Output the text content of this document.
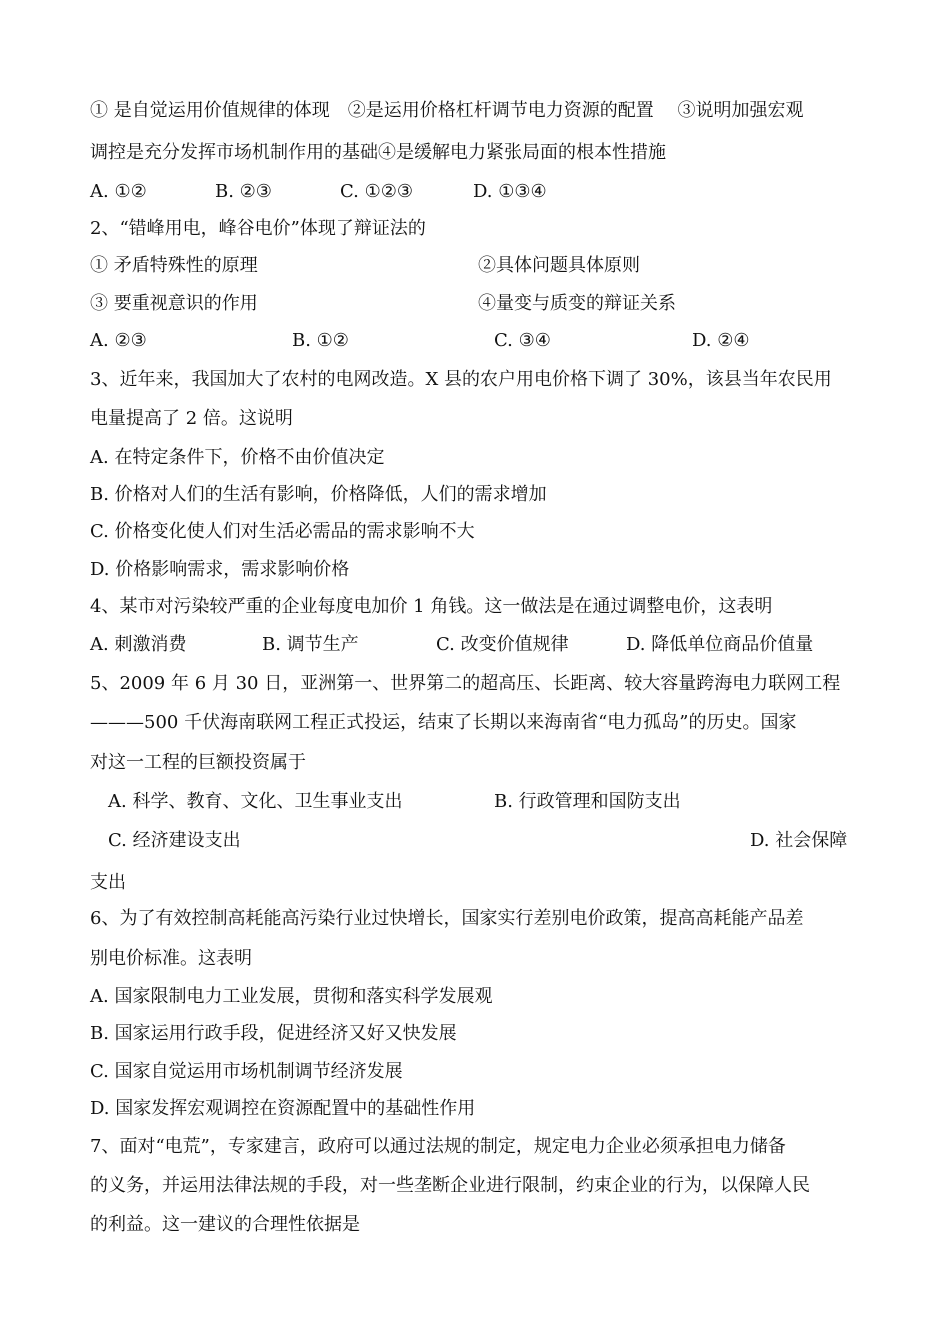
① 是自觉运用价值规律的体现　②是运用价格杠杆调节电力资源的配置　 ③说明加强宏观
调控是充分发挥市场机制作用的基础④是缓解电力紧张局面的根本性措施
A. ①②	B. ②③	C. ①②③	D. ①③④
2、“错峰用电，峰谷电价”体现了辩证法的
① 矛盾特殊性的原理	②具体问题具体原则
③ 要重视意识的作用	④量变与质变的辩证关系
A. ②③	B. ①②	C. ③④	D. ②④
3、近年来，我国加大了农村的电网改造。X 县的农户用电价格下调了 30%，该县当年农民用
电量提高了 2 倍。这说明
A. 在特定条件下，价格不由价值决定
B. 价格对人们的生活有影响，价格降低，人们的需求增加
C. 价格变化使人们对生活必需品的需求影响不大
D. 价格影响需求，需求影响价格
4、某市对污染较严重的企业每度电加价 1 角钱。这一做法是在通过调整电价，这表明
A. 刺激消费	B. 调节生产	C. 改变价值规律	D. 降低单位商品价值量
5、2009 年 6 月 30 日，亚洲第一、世界第二的超高压、长距离、较大容量跨海电力联网工程
———500 千伏海南联网工程正式投运，结束了长期以来海南省“电力孤岛”的历史。国家
对这一工程的巨额投资属于
A. 科学、教育、文化、卫生事业支出	B. 行政管理和国防支出
C. 经济建设支出	D. 社会保障
支出
6、为了有效控制高耗能高污染行业过快增长，国家实行差别电价政策，提高高耗能产品差
别电价标准。这表明
A. 国家限制电力工业发展，贯彻和落实科学发展观
B. 国家运用行政手段，促进经济又好又快发展
C. 国家自觉运用市场机制调节经济发展
D. 国家发挥宏观调控在资源配置中的基础性作用
7、面对“电荒”，专家建言，政府可以通过法规的制定，规定电力企业必须承担电力储备
的义务，并运用法律法规的手段，对一些垄断企业进行限制，约束企业的行为，以保障人民
的利益。这一建议的合理性依据是
